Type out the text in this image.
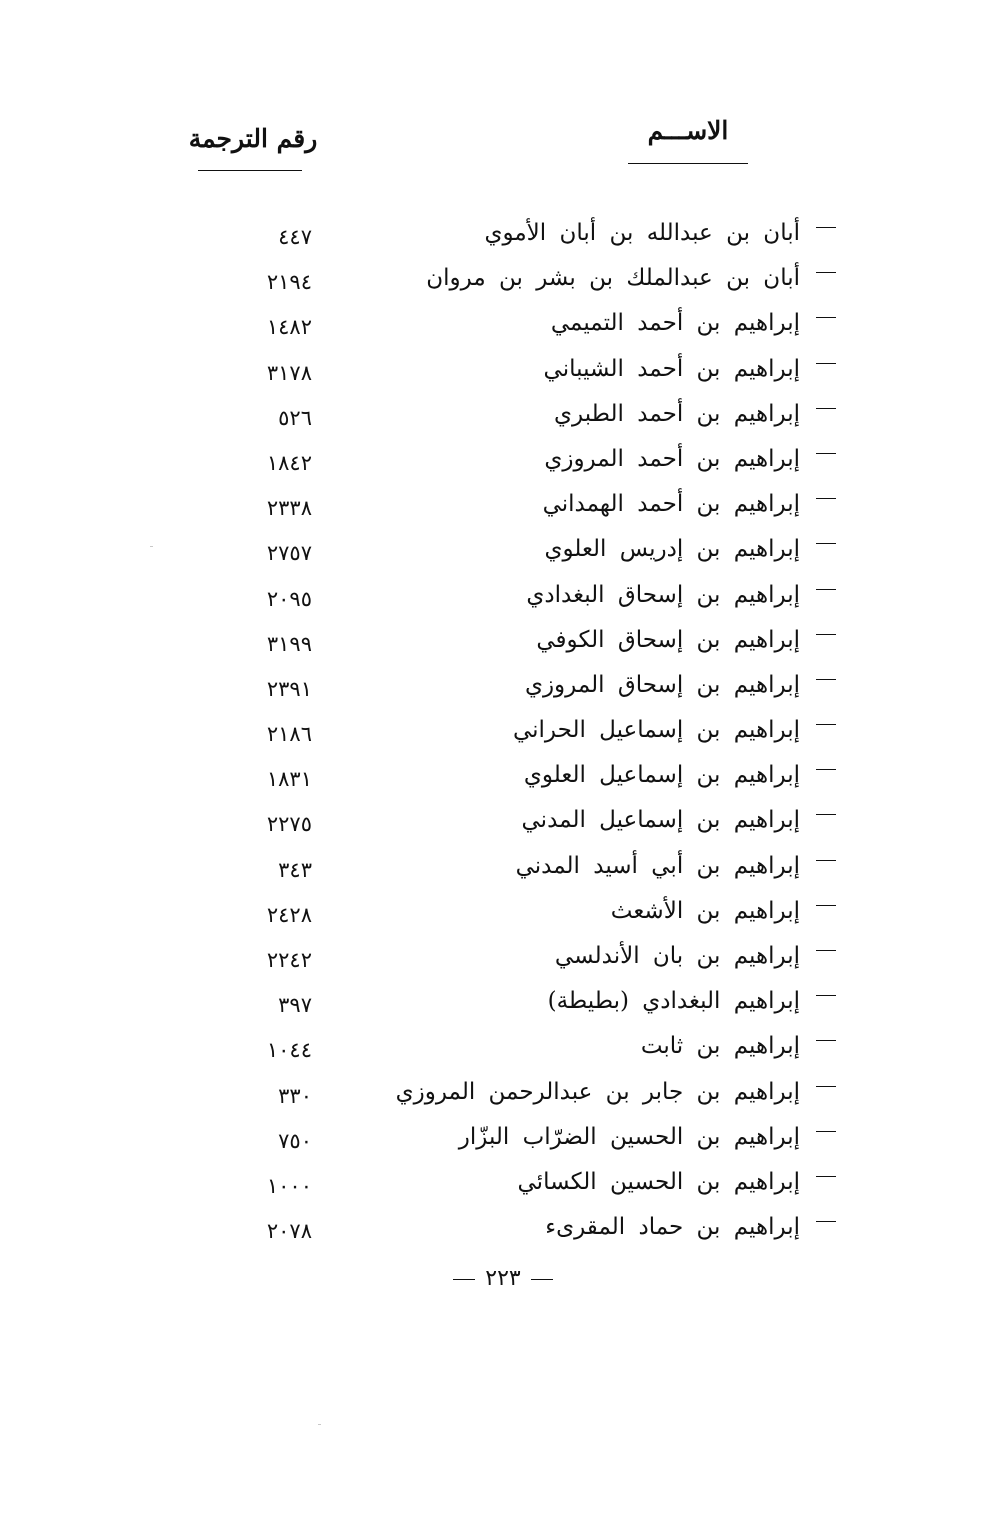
الاســـم
رقم الترجمة
أبان بن عبدالله بن أبان الأموي
٤٤٧
أبان بن عبدالملك بن بشر بن مروان
٢١٩٤
إبراهيم بن أحمد التميمي
١٤٨٢
إبراهيم بن أحمد الشيباني
٣١٧٨
إبراهيم بن أحمد الطبري
٥٢٦
إبراهيم بن أحمد المروزي
١٨٤٢
إبراهيم بن أحمد الهمداني
٢٣٣٨
إبراهيم بن إدريس العلوي
٢٧٥٧
إبراهيم بن إسحاق البغدادي
٢٠٩٥
إبراهيم بن إسحاق الكوفي
٣١٩٩
إبراهيم بن إسحاق المروزي
٢٣٩١
إبراهيم بن إسماعيل الحراني
٢١٨٦
إبراهيم بن إسماعيل العلوي
١٨٣١
إبراهيم بن إسماعيل المدني
٢٢٧٥
إبراهيم بن أبي أسيد المدني
٣٤٣
إبراهيم بن الأشعث
٢٤٢٨
إبراهيم بن بان الأندلسي
٢٢٤٢
إبراهيم البغدادي (بطيطة)
٣٩٧
إبراهيم بن ثابت
١٠٤٤
إبراهيم بن جابر بن عبدالرحمن المروزي
٣٣٠
إبراهيم بن الحسين الضرّاب البزّار
٧٥٠
إبراهيم بن الحسين الكسائي
١٠٠٠
إبراهيم بن حماد المقرىء
٢٠٧٨
٢٢٣
